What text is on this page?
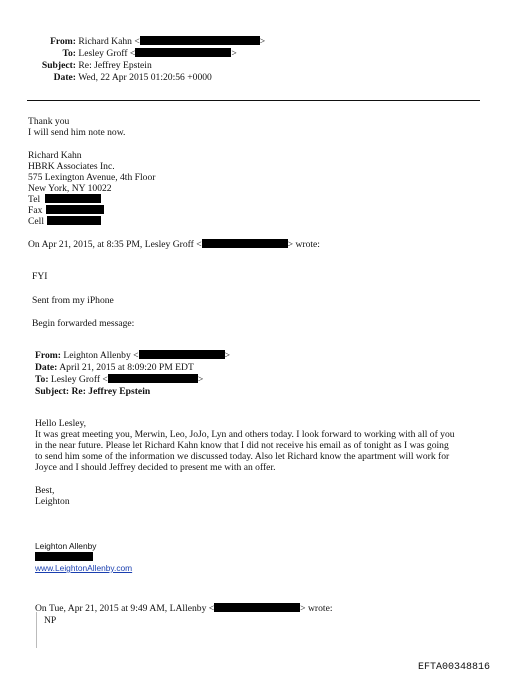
From: Richard Kahn <	>
To: Lesley Groff <	>
Subject: Re: Jeffrey Epstein
Date: Wed, 22 Apr 2015 01:20:56 +0000
Thank you
I will send him note now.
Richard Kahn
HBRK Associates Inc.
575 Lexington Avenue, 4th Floor
New York, NY 10022
Tel
Fax
Cell
On Apr 21, 2015, at 8:35 PM, Lesley Groff <	> wrote:
FYI
Sent from my iPhone
Begin forwarded message:
From: Leighton Allenby <	>
Date: April 21, 2015 at 8:09:20 PM EDT
To: Lesley Groff <	>
Subject: Re: Jeffrey Epstein
Hello Lesley,
It was great meeting you, Merwin, Leo, JoJo, Lyn and others today. I look forward to working with all of you
in the near future. Please let Richard Kahn know that I did not receive his email as of tonight as I was going
to send him some of the information we discussed today. Also let Richard know the apartment will work for
Joyce and I should Jeffrey decided to present me with an offer.
Best,
Leighton
Leighton Allenby
www.LeightonAllenby.com
On Tue, Apr 21, 2015 at 9:49 AM, LAllenby <	> wrote:
NP
EFTA00348816
